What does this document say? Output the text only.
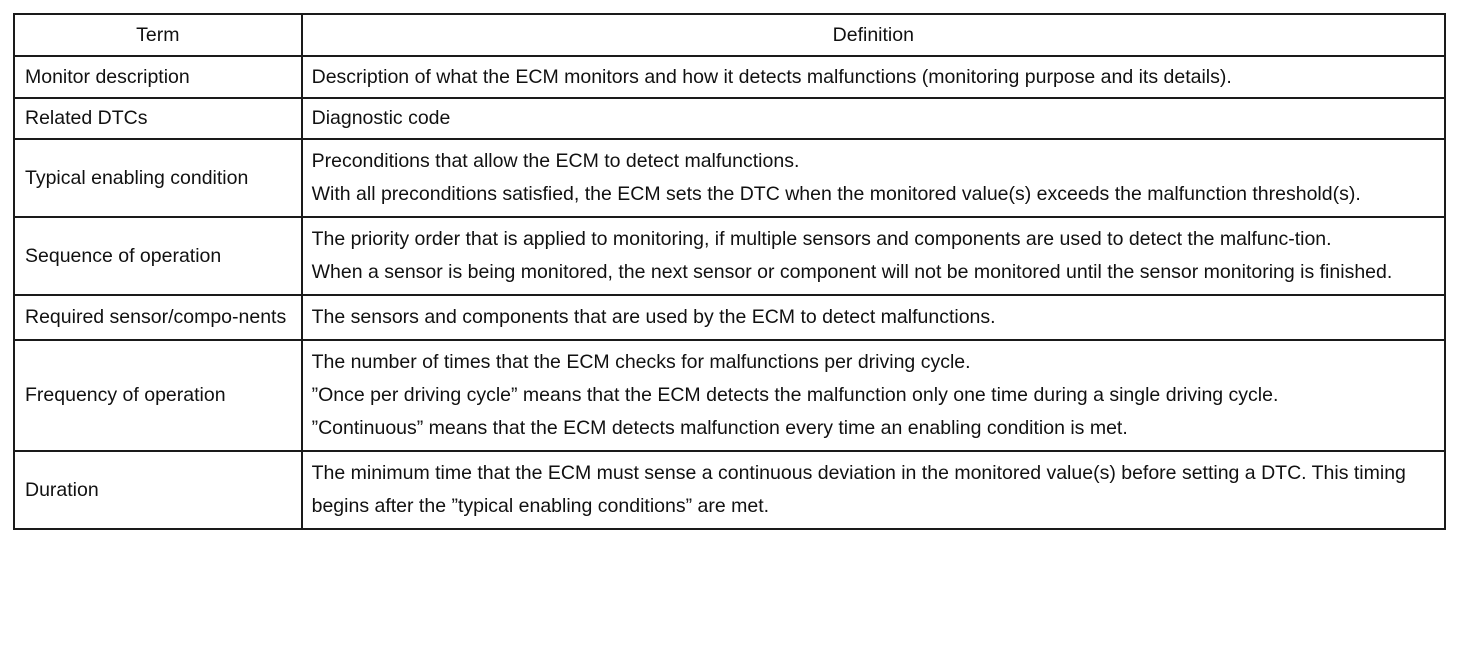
Term	Definition
Monitor description	Description of what the ECM monitors and how it detects malfunctions (monitoring purpose and its details).

Related DTCs	Diagnostic code

Typical enabling condition	Preconditions that allow the ECM to detect malfunctions.
With all preconditions satisfied, the ECM sets the DTC when the monitored value(s) exceeds the malfunction threshold(s).

Sequence of operation	The priority order that is applied to monitoring, if multiple sensors and components are used to detect the malfunc-tion.
When a sensor is being monitored, the next sensor or component will not be monitored until the sensor monitoring is finished.

Required sensor/compo-nents	The sensors and components that are used by the ECM to detect malfunctions.

Frequency of operation	The number of times that the ECM checks for malfunctions per driving cycle.
”Once per driving cycle” means that the ECM detects the malfunction only one time during a single driving cycle.
”Continuous” means that the ECM detects malfunction every time an enabling condition is met.

Duration	The minimum time that the ECM must sense a continuous deviation in the monitored value(s) before setting a DTC. This timing begins after the ”typical enabling conditions” are met.
